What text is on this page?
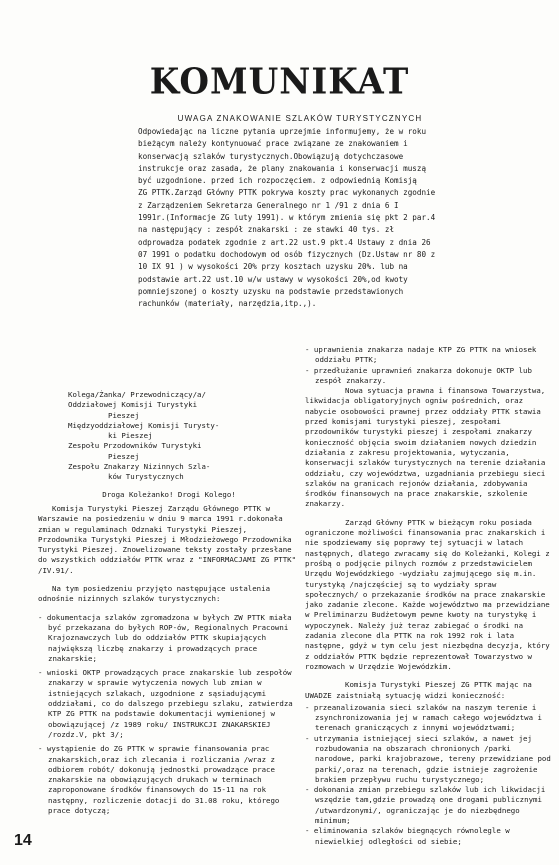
KOMUNIKAT
UWAGA ZNAKOWANIE SZLAKÓW TURYSTYCZNYCH
Odpowiedając na liczne pytania uprzejmie informujemy, że w roku
bieżącym należy kontynuować prace związane ze znakowaniem i
konserwacją szlaków turystycznych.Obowiązują dotychczasowe
instrukcje oraz zasada, że plany znakowania i konserwacji muszą
być uzgodnione. przed ich rozpoczęciem. z odpowiednią Komisją
ZG PTTK.Zarząd Główny PTTK pokrywa koszty prac wykonanych zgodnie
z Zarządzeniem Sekretarza Generalnego nr 1 /91 z dnia 6 I
1991r.(Informacje ZG luty 1991). w którym zmienia się pkt 2 par.4
na następujący : zespół znakarski : ze stawki 40 tys. zł
odprowadza podatek zgodnie z art.22 ust.9 pkt.4 Ustawy z dnia 26
07 1991 o podatku dochodowym od osób fizycznych (Dz.Ustaw nr 80 z
10 IX 91 ) w wysokości 20% przy kosztach uzysku 20%. lub na
podstawie art.22 ust.10 w/w ustawy w wysokości 20%,od kwoty
pomniejszonej o koszty uzysku na podstawie przedstawionych
rachunków (materiały, narzędzia,itp.,).
Kolega/Żanka/ Przewodniczący/a/
Oddziałowej Komisji Turystyki
Pieszej
Międzyoddziałowej Komisji Turysty-
ki Pieszej
Zespołu Przodowników Turystyki
Pieszej
Zespołu Znakarzy Nizinnych Szla-
ków Turystycznych
Droga Koleżanko! Drogi Kolego!

Komisja Turystyki Pieszej Zarządu Głównego PTTK w Warszawie na posiedzeniu w dniu 9 marca 1991 r.dokonała zmian w regulaminach Odznaki Turystyki Pieszej, Przodownika Turystyki Pieszej i Młodzieżowego Przodownika Turystyki Pieszej. Znowelizowane teksty zostały przesłane do wszystkich oddziałów PTTK wraz z "INFORMACJAMI ZG PTTK" /IV.91/.

Na tym posiedzeniu przyjęto następujące ustalenia odnośnie nizinnych szlaków turystycznych:

- dokumentacja szlaków zgromadzona w byłych ZW PTTK miała być przekazana do byłych ROP-ów, Regionalnych Pracowni Krajoznawczych lub do oddziałów PTTK skupiających największą liczbę znakarzy i prowadzących prace znakarskie;

- wnioski OKTP prowadzących prace znakarskie lub zespołów znakarzy w sprawie wytyczenia nowych lub zmian w istniejących szlakach, uzgodnione z sąsiadującymi oddziałami, co do dalszego przebiegu szlaku, zatwierdza KTP ZG PTTK na podstawie dokumentacji wymienionej w obowiązującej /z 1989 roku/ INSTRUKCJI ZNAKARSKIEJ /rozdz.V, pkt 3/;

- wystąpienie do ZG PTTK w sprawie finansowania prac znakarskich,oraz ich zlecania i rozliczania /wraz z odbiorem robót/ dokonują jednostki prowadzące prace znakarskie na obowiązujących drukach w terminach zaproponowane środków finansowych do 15-11 na rok następny, rozliczenie dotacji do 31.08 roku, którego prace dotyczą;

- uprawnienia znakarza nadaje KTP ZG PTTK na wniosek oddziału PTTK;

- przedłużanie uprawnień znakarza dokonuje OKTP lub zespół znakarzy.

Nowa sytuacja prawna i finansowa Towarzystwa, likwidacja obligatoryjnych ogniw pośrednich, oraz nabycie osobowości prawnej przez oddziały PTTK stawia przed komisjami turystyki pieszej, zespołami przodowników turystyki pieszej i zespołami znakarzy konieczność objęcia swoim działaniem nowych dziedzin działania z zakresu projektowania, wytyczania, konserwacji szlaków turystycznych na terenie działania oddziału, czy województwa, uzgadniania przebiegu sieci szlaków na granicach rejonów działania, zdobywania środków finansowych na prace znakarskie, szkolenie znakarzy.

Zarząd Główny PTTK w bieżącym roku posiada ograniczone możliwości finansowania prac znakarskich i nie spodziewamy się poprawy tej sytuacji w latach następnych, dlatego zwracamy się do Koleżanki, Kolegi z prośbą o podjęcie pilnych rozmów z przedstawicielem Urzędu Wojewódzkiego -wydziału zajmującego się m.in. turystyką /najczęściej są to wydziały spraw społecznych/ o przekazanie środków na prace znakarskie jako zadanie zlecone. Każde województwo ma przewidziane w Preliminarzu Budżetowym pewne kwoty na turystykę i wypoczynek. Należy już teraz zabiegać o środki na zadania zlecone dla PTTK na rok 1992 rok i lata następne, gdyż w tym celu jest niezbędna decyzja, który z oddziałów PTTK będzie reprezentował Towarzystwo w rozmowach w Urzędzie Wojewódzkim.

Komisja Turystyki Pieszej ZG PTTK mając na UWADZE zaistniałą sytuację widzi konieczność:

- przeanalizowania sieci szlaków na naszym terenie i zsynchronizowania jej w ramach całego województwa i terenach graniczących z innymi województwami;

- utrzymania istniejącej sieci szlaków, a nawet jej rozbudowania na obszarach chronionych /parki narodowe, parki krajobrazowe, tereny przewidziane pod parki/,oraz na terenach, gdzie istnieje zagrożenie brakiem przepływu ruchu turystycznego;

- dokonania zmian przebiegu szlaków lub ich likwidacji wszędzie tam,gdzie prowadzą one drogami publicznymi /utwardzonymi/, ograniczając je do niezbędnego minimum;

- eliminowania szlaków biegnących równolegle w niewielkiej odległości od siebie;

14
